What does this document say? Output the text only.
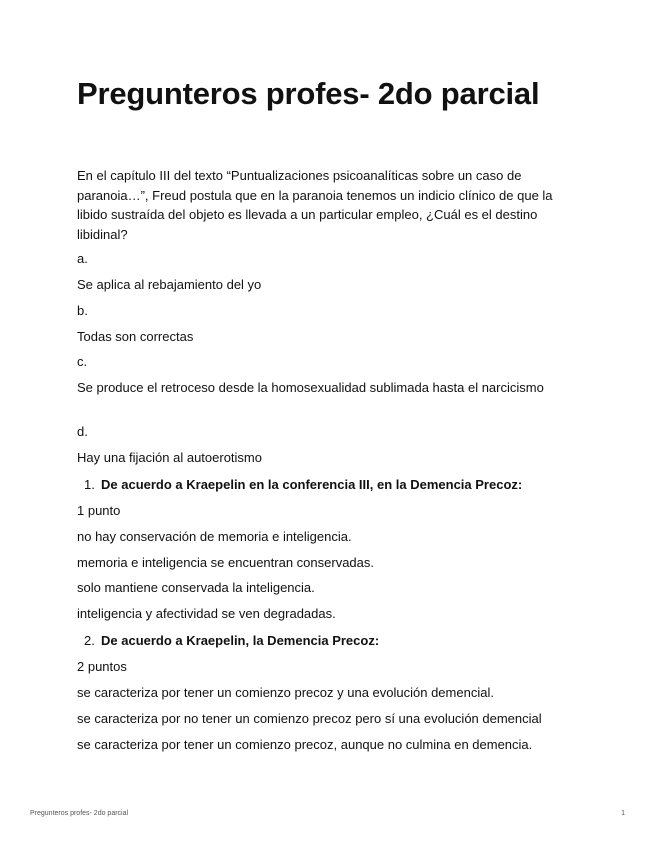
Pregunteros profes- 2do parcial

En el capítulo III del texto “Puntualizaciones psicoanalíticas sobre un caso de paranoia…”, Freud postula que en la paranoia tenemos un indicio clínico de que la libido sustraída del objeto es llevada a un particular empleo, ¿Cuál es el destino libidinal?

a.

Se aplica al rebajamiento del yo

b.

Todas son correctas

c.

Se produce el retroceso desde la homosexualidad sublimada hasta el narcicismo

d.

Hay una fijación al autoerotismo

1. De acuerdo a Kraepelin en la conferencia III, en la Demencia Precoz:

1 punto

no hay conservación de memoria e inteligencia.

memoria e inteligencia se encuentran conservadas.

solo mantiene conservada la inteligencia.

inteligencia y afectividad se ven degradadas.

2. De acuerdo a Kraepelin, la Demencia Precoz:

2 puntos

se caracteriza por tener un comienzo precoz y una evolución demencial.

se caracteriza por no tener un comienzo precoz pero sí una evolución demencial

se caracteriza por tener un comienzo precoz, aunque no culmina en demencia.

Pregunteros profes- 2do parcial	1
